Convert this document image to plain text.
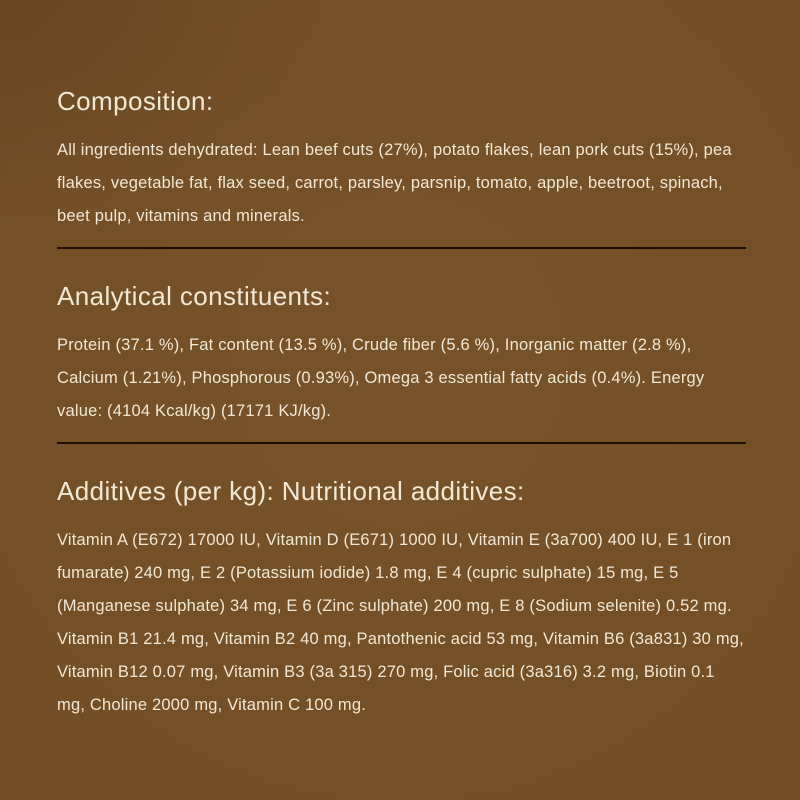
Composition:

All ingredients dehydrated: Lean beef cuts (27%), potato flakes, lean pork cuts (15%), pea flakes, vegetable fat, flax seed, carrot, parsley, parsnip, tomato, apple, beetroot, spinach, beet pulp, vitamins and minerals.

Analytical constituents:

Protein (37.1 %), Fat content (13.5 %), Crude fiber (5.6 %), Inorganic matter (2.8 %), Calcium (1.21%), Phosphorous (0.93%), Omega 3 essential fatty acids (0.4%). Energy value: (4104 Kcal/kg) (17171 KJ/kg).

Additives (per kg): Nutritional additives:

Vitamin A (E672) 17000 IU, Vitamin D (E671) 1000 IU, Vitamin E (3a700) 400 IU, E 1 (iron fumarate) 240 mg, E 2 (Potassium iodide) 1.8 mg, E 4 (cupric sulphate) 15 mg, E 5 (Manganese sulphate) 34 mg, E 6 (Zinc sulphate) 200 mg, E 8 (Sodium selenite) 0.52 mg. Vitamin B1 21.4 mg, Vitamin B2 40 mg, Pantothenic acid 53 mg, Vitamin B6 (3a831) 30 mg, Vitamin B12 0.07 mg, Vitamin B3 (3a 315) 270 mg, Folic acid (3a316) 3.2 mg, Biotin 0.1 mg, Choline 2000 mg, Vitamin C 100 mg.
